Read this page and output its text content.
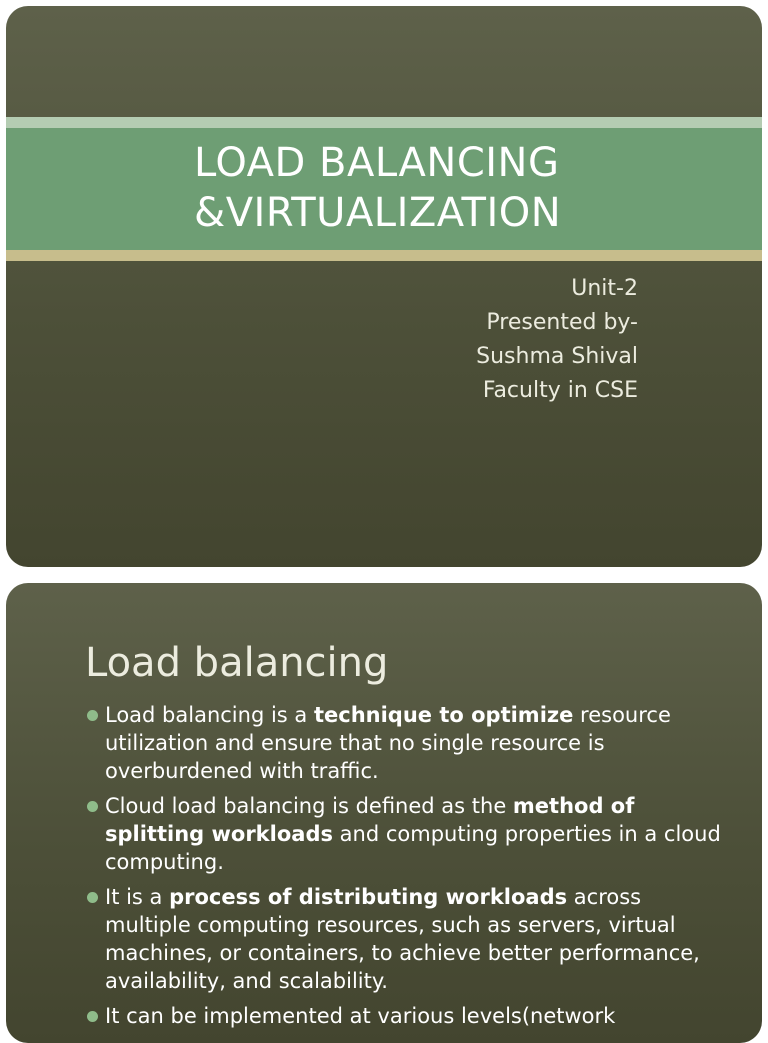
LOAD BALANCING
&VIRTUALIZATION
Unit-2
Presented by-
Sushma Shival
Faculty in CSE
Load balancing
Load balancing is a technique to optimize resource utilization and ensure that no single resource is overburdened with traffic.
Cloud load balancing is defined as the method of splitting workloads and computing properties in a cloud computing.
It is a process of distributing workloads across multiple computing resources, such as servers, virtual machines, or containers, to achieve better performance, availability, and scalability.
It can be implemented at various levels(network
